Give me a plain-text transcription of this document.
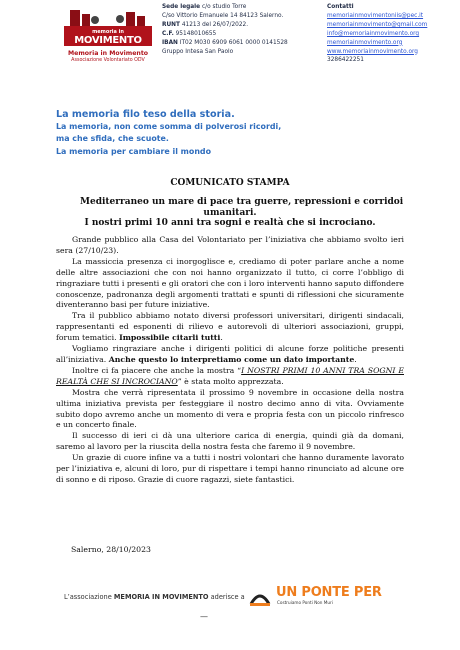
memoria in
MOVIMENTO
Memoria in Movimento
Associazione Volontariato ODV
Sede legale c/o studio Torre
C/so Vittorio Emanuele 14 84123 Salerno.
RUNT 41213 del 26/07/2022.
C.F. 95148010655
IBAN IT02 M030 6909 6061 0000 0141528
Gruppo Intesa San Paolo
Contatti
memoriainmovimentoniis@pec.it
memoriainmovimento@gmail.com
info@memoriainmovimento.org
memoriainmovimento.org
www.memoriainmovimento.org
3286422251
La memoria filo teso della storia.
La memoria, non come somma di polverosi ricordi,
ma che sfida, che scuote.
La memoria per cambiare il mondo
COMUNICATO STAMPA
Mediterraneo un mare di pace tra guerre, repressioni e corridoi
umanitari.
I nostri primi 10 anni tra sogni e realtà che si incrociano.

Grande pubblico alla Casa del Volontariato per l’iniziativa che abbiamo svolto ieri sera (27/10/23).

La massiccia presenza ci inorgoglisce e, crediamo di poter parlare anche a nome delle altre associazioni che con noi hanno organizzato il tutto, ci corre l’obbligo di ringraziare tutti i presenti e gli oratori che con i loro interventi hanno saputo diffondere conoscenze, padronanza degli argomenti trattati e spunti di riflessioni che sicuramente diventeranno basi per future iniziative.

Tra il pubblico abbiamo notato diversi professori universitari, dirigenti sindacali, rappresentanti ed esponenti di rilievo e autorevoli di ulteriori associazioni, gruppi, forum tematici. Impossibile citarli tutti.

Vogliamo ringraziare anche i dirigenti politici di alcune forze politiche presenti all’iniziativa. Anche questo lo interpretiamo come un dato importante.

Inoltre ci fa piacere che anche la mostra “I NOSTRI PRIMI 10 ANNI TRA SOGNI E REALTÀ CHE SI INCROCIANO” è stata molto apprezzata.

Mostra che verrà ripresentata il prossimo 9 novembre in occasione della nostra ultima iniziativa prevista per festeggiare il nostro decimo anno di vita. Ovviamente subito dopo avremo anche un momento di vera e propria festa con un piccolo rinfresco e un concerto finale.

Il successo di ieri ci dà una ulteriore carica di energia, quindi già da domani, saremo al lavoro per la riuscita della nostra festa che faremo il 9 novembre.

Un grazie di cuore infine va a tutti i nostri volontari che hanno duramente lavorato per l’iniziativa e, alcuni di loro, pur di rispettare i tempi hanno rinunciato ad alcune ore di sonno e di riposo. Grazie di cuore ragazzi, siete fantastici.

Salerno, 28/10/2023
L’associazione MEMORIA IN MOVIMENTO aderisce a UN PONTE PER
Costruiamo Ponti Non Muri
—
